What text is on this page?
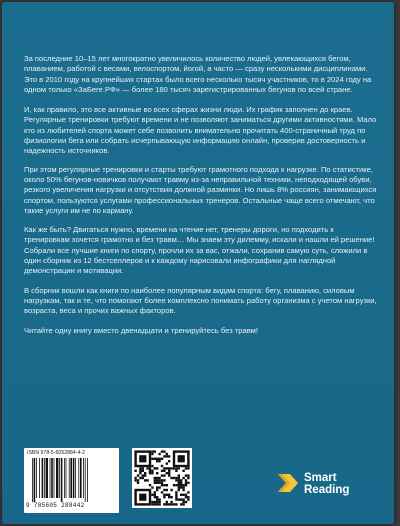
За последние 10–15 лет многократно увеличилось количество людей, увлекающихся бегом, плаванием, работой с весами, велоспортом, йогой, а часто — сразу несколькими дисциплинами. Это в 2010 году на крупнейших стартах было всего несколько тысяч участников, то в 2024 году на одном только «ЗаБеге.РФ» — более 180 тысяч зарегистрированных бегунов по всей стране.

И, как правило, это все активные во всех сферах жизни люди. Их график заполнен до краев. Регулярные тренировки требуют времени и не позволяют заниматься другими активностями. Мало кто из любителей спорта может себе позволить внимательно прочитать 400-страничный труд по физиологии бега или собрать исчерпывающую информацию онлайн, проверив достоверность и надежность источников.

При этом регулярные тренировки и старты требуют грамотного подхода к нагрузке. По статистике, около 50% бегунов-новичков получают травму из-за неправильной техники, неподходящей обуви, резкого увеличения нагрузки и отсутствия должной разминки. Но лишь 8% россиян, занимающихся спортом, пользуются услугами профессиональных тренеров. Остальные чаще всего отмечают, что такие услуги им не по карману.

Как же быть? Двигаться нужно, времени на чтение нет, тренеры дороги, но подходить к тренировкам хочется грамотно и без травм… Мы знаем эту дилемму, искали и нашли ей решение! Собрали все лучшие книги по спорту, прочли их за вас, отжали, сохранив самую суть, сложили в один сборник из 12 бестселлеров и к каждому нарисовали инфографики для наглядной демонстрации и мотивации.

В сборник вошли как книги по наиболее популярным видам спорта: бегу, плаванию, силовым нагрузкам, так и те, что помогают более комплексно понимать работу организма с учетом нагрузки, возраста, веса и прочих важных факторов.

Читайте одну книгу вместо двенадцати и тренируйтесь без травм!

ISBN 978-5-6052884-4-2
9 785605 288442
Smart
Reading
